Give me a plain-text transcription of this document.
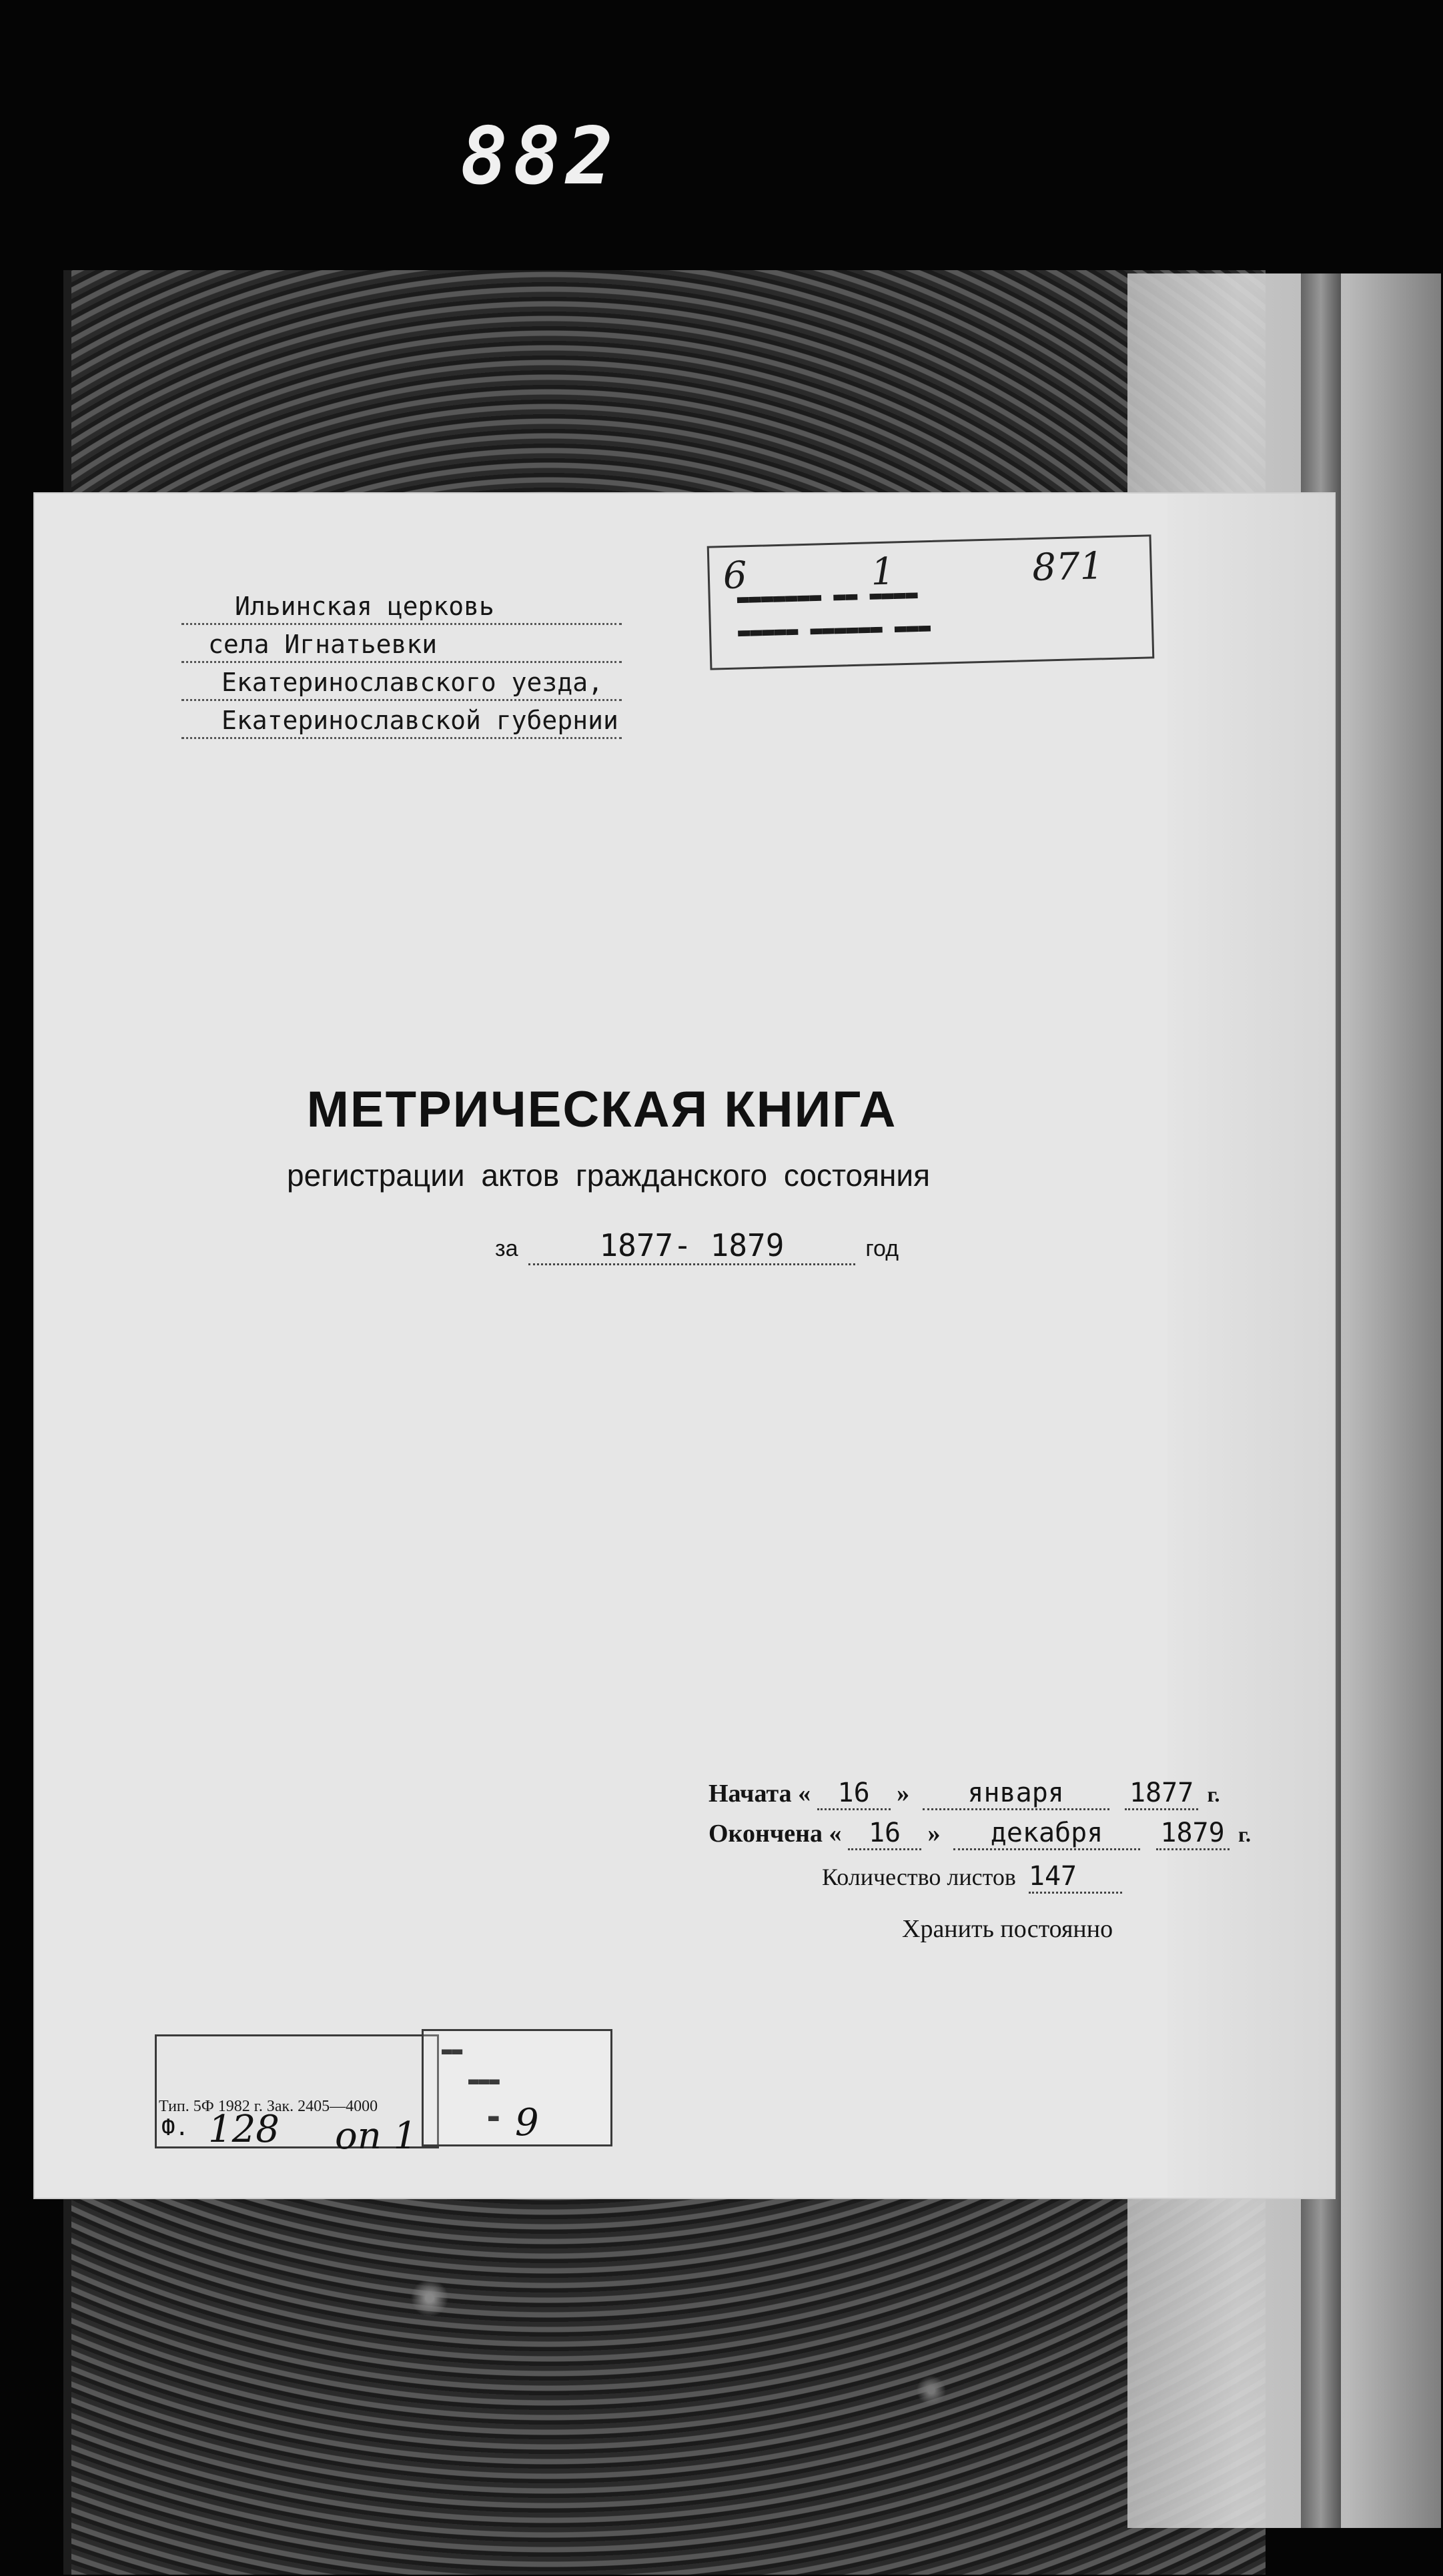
882
Ильинская церковь
села Игнатьевки
Екатеринославского уезда,
Екатеринославской губернии
6	1	871
▬▬▬▬ ▬▬ ▬▬▬▬▬▬▬
▬▬▬ ▬▬▬▬▬▬ ▬▬▬▬▬
МЕТРИЧЕСКАЯ КНИГА
регистрации актов гражданского состояния
за	1877- 1879	год
Начата « 16 » января 1877 г.
Окончена « 16 » декабря 1879 г.
Количество листов 147
Хранить постоянно
▬▬
▬▬▬
▬
Тип. 5Ф 1982 г. Зак. 2405—4000
Ф. 128 оп 1	9
